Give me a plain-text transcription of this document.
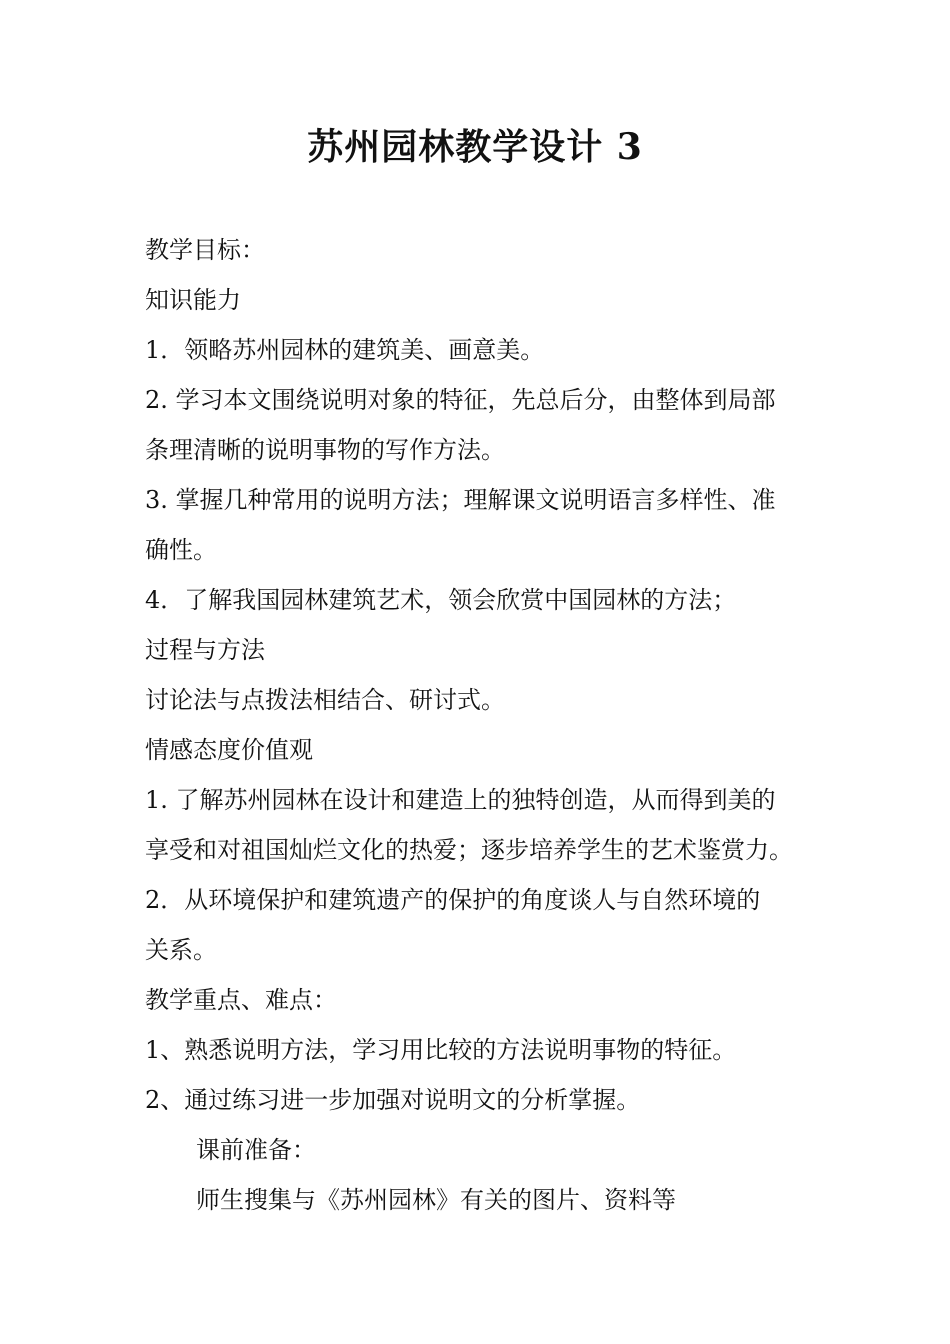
苏州园林教学设计 3
教学目标：
知识能力
1．领略苏州园林的建筑美、画意美。
2. 学习本文围绕说明对象的特征，先总后分，由整体到局部
条理清晰的说明事物的写作方法。
3. 掌握几种常用的说明方法；理解课文说明语言多样性、准
确性。
4．了解我国园林建筑艺术，领会欣赏中国园林的方法；
过程与方法
讨论法与点拨法相结合、研讨式。
情感态度价值观
1. 了解苏州园林在设计和建造上的独特创造，从而得到美的
享受和对祖国灿烂文化的热爱；逐步培养学生的艺术鉴赏力。
2．从环境保护和建筑遗产的保护的角度谈人与自然环境的
关系。
教学重点、难点：
1、熟悉说明方法，学习用比较的方法说明事物的特征。
2、通过练习进一步加强对说明文的分析掌握。
课前准备：
师生搜集与《苏州园林》有关的图片、资料等
